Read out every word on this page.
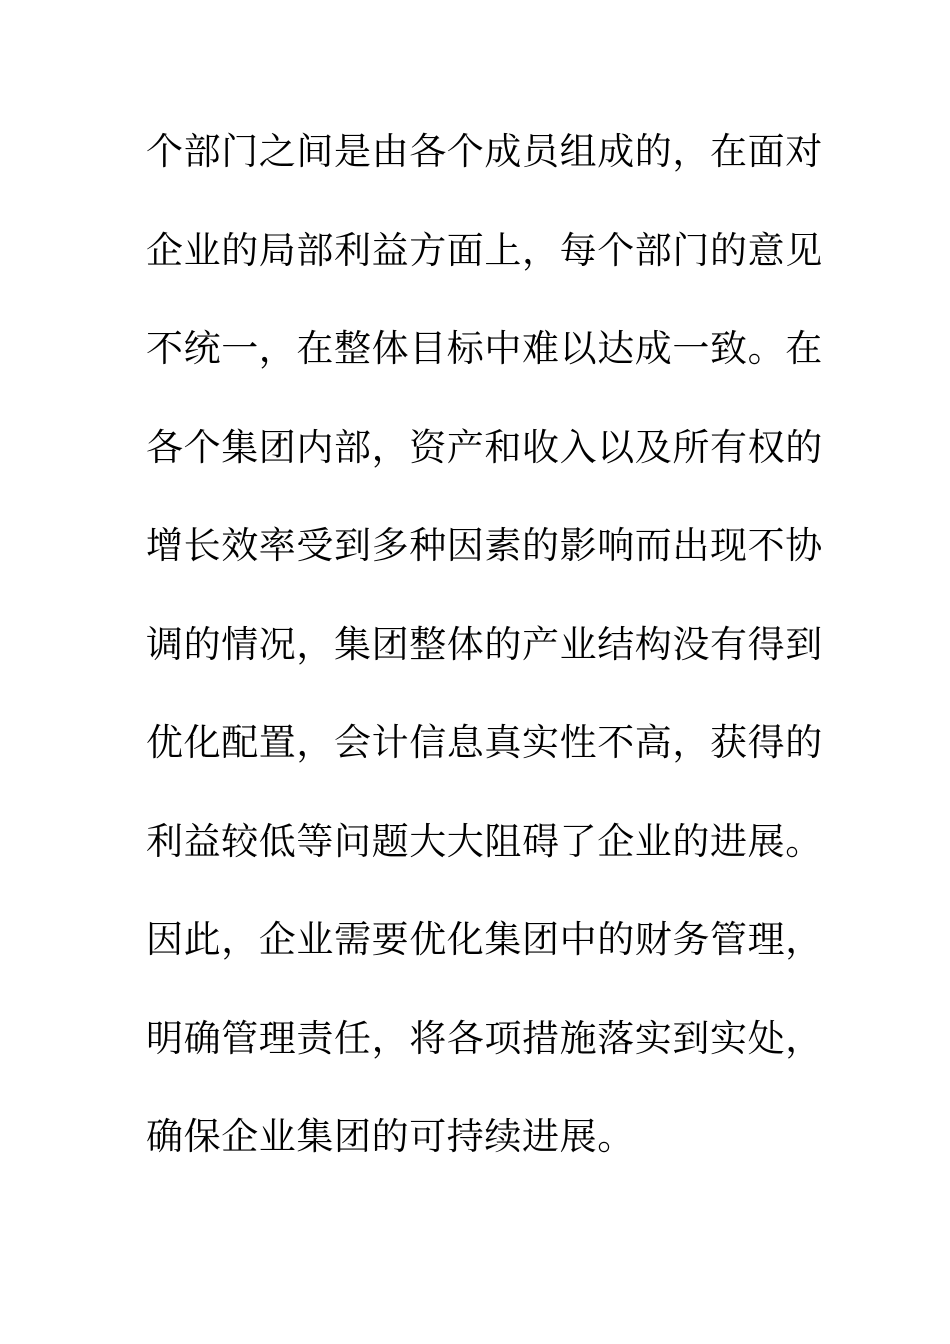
个部门之间是由各个成员组成的，在面对
企业的局部利益方面上，每个部门的意见
不统一，在整体目标中难以达成一致。在
各个集团内部，资产和收入以及所有权的
增长效率受到多种因素的影响而出现不协
调的情况，集团整体的产业结构没有得到
优化配置，会计信息真实性不高，获得的
利益较低等问题大大阻碍了企业的进展。
因此，企业需要优化集团中的财务管理，
明确管理责任，将各项措施落实到实处，
确保企业集团的可持续进展。
